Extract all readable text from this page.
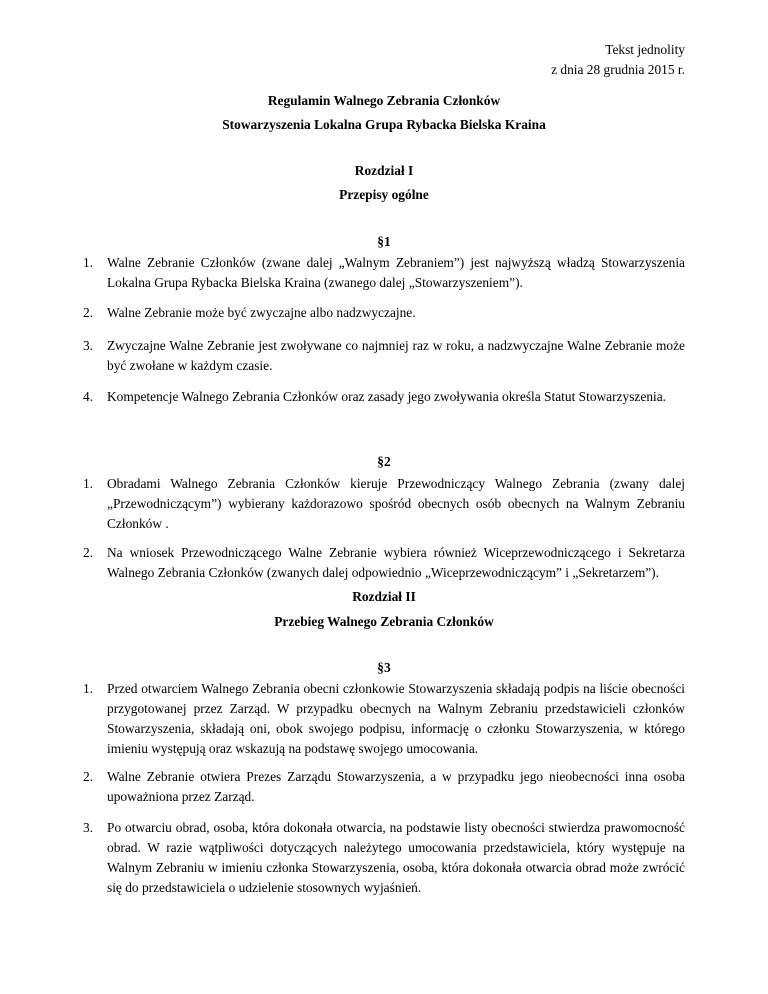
Tekst jednolity
z dnia 28 grudnia 2015 r.
Regulamin Walnego Zebrania Członków
Stowarzyszenia Lokalna Grupa Rybacka Bielska Kraina
Rozdział I
Przepisy ogólne
§1
1. Walne Zebranie Członków (zwane dalej „Walnym Zebraniem”) jest najwyższą władzą Stowarzyszenia Lokalna Grupa Rybacka Bielska Kraina (zwanego dalej „Stowarzyszeniem”).
2. Walne Zebranie może być zwyczajne albo nadzwyczajne.
3. Zwyczajne Walne Zebranie jest zwoływane co najmniej raz w roku, a nadzwyczajne Walne Zebranie może być zwołane w każdym czasie.
4. Kompetencje Walnego Zebrania Członków oraz zasady jego zwoływania określa Statut Stowarzyszenia.
§2
1. Obradami Walnego Zebrania Członków kieruje Przewodniczący Walnego Zebrania (zwany dalej „Przewodniczącym”) wybierany każdorazowo spośród obecnych osób obecnych na Walnym Zebraniu Członków .
2. Na wniosek Przewodniczącego Walne Zebranie wybiera również Wiceprzewodniczącego i Sekretarza Walnego Zebrania Członków (zwanych dalej odpowiednio „Wiceprzewodniczącym” i „Sekretarzem”).
Rozdział II
Przebieg Walnego Zebrania Członków
§3
1. Przed otwarciem Walnego Zebrania obecni członkowie Stowarzyszenia składają podpis na liście obecności przygotowanej przez Zarząd. W przypadku obecnych na Walnym Zebraniu przedstawicieli członków Stowarzyszenia, składają oni, obok swojego podpisu, informację o członku Stowarzyszenia, w którego imieniu występują oraz wskazują na podstawę swojego umocowania.
2. Walne Zebranie otwiera Prezes Zarządu Stowarzyszenia, a w przypadku jego nieobecności inna osoba upoważniona przez Zarząd.
3. Po otwarciu obrad, osoba, która dokonała otwarcia, na podstawie listy obecności stwierdza prawomocność obrad. W razie wątpliwości dotyczących należytego umocowania przedstawiciela, który występuje na Walnym Zebraniu w imieniu członka Stowarzyszenia, osoba, która dokonała otwarcia obrad może zwrócić się do przedstawiciela o udzielenie stosownych wyjaśnień.
